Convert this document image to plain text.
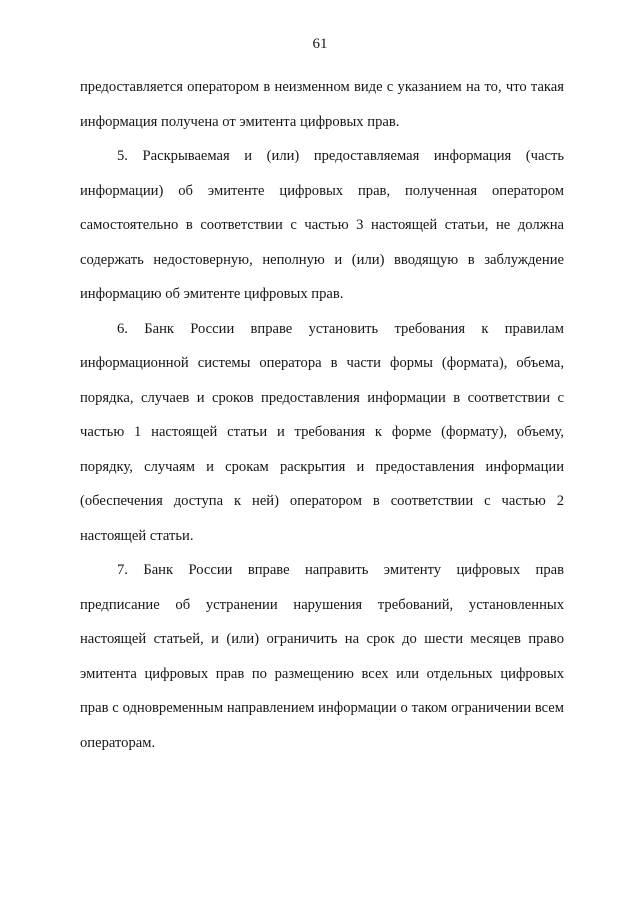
61

предоставляется оператором в неизменном виде с указанием на то, что такая информация получена от эмитента цифровых прав.

5. Раскрываемая и (или) предоставляемая информация (часть информации) об эмитенте цифровых прав, полученная оператором самостоятельно в соответствии с частью 3 настоящей статьи, не должна содержать недостоверную, неполную и (или) вводящую в заблуждение информацию об эмитенте цифровых прав.

6. Банк России вправе установить требования к правилам информационной системы оператора в части формы (формата), объема, порядка, случаев и сроков предоставления информации в соответствии с частью 1 настоящей статьи и требования к форме (формату), объему, порядку, случаям и срокам раскрытия и предоставления информации (обеспечения доступа к ней) оператором в соответствии с частью 2 настоящей статьи.

7. Банк России вправе направить эмитенту цифровых прав предписание об устранении нарушения требований, установленных настоящей статьей, и (или) ограничить на срок до шести месяцев право эмитента цифровых прав по размещению всех или отдельных цифровых прав с одновременным направлением информации о таком ограничении всем операторам.
